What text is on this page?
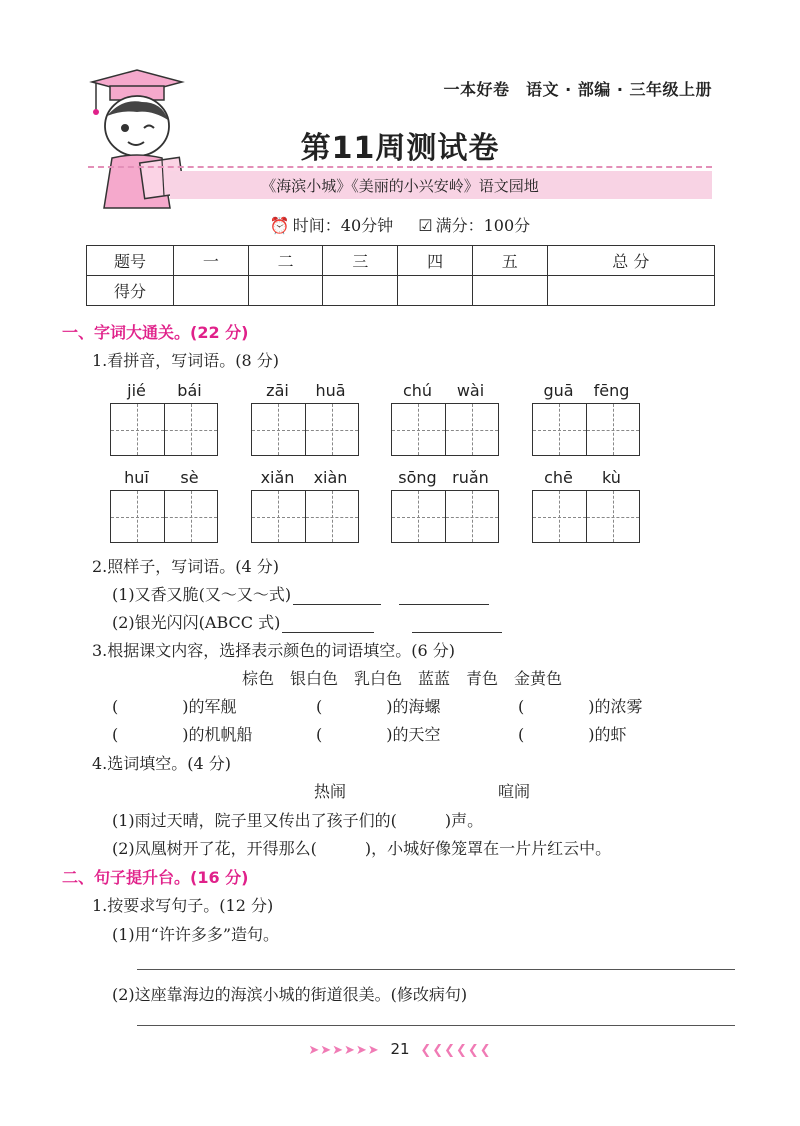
一本好卷　语文 · 部编 · 三年级上册
第11周测试卷
《海滨小城》《美丽的小兴安岭》语文园地
⏰ 时间：40分钟 ☑ 满分：100分
题号	一	二	三	四	五	总 分
得分						
一、字词大通关。(22 分)
1.看拼音，写词语。(8 分)
jié	bái	zāi	huā	chú	wài	guā	fēng
huī	sè	xiǎn	xiàn	sōng ruǎn	chē	kù
2.照样子，写词语。(4 分)
(1)又香又脆(又～又～式)
(2)银光闪闪(ABCC 式)
3.根据课文内容，选择表示颜色的词语填空。(6 分)
棕色　银白色　乳白色　蓝蓝　青色　金黄色
(　　　　)的军舰	(　　　　)的海螺	(　　　　)的浓雾
(　　　　)的机帆船	(　　　　)的天空	(　　　　)的虾
4.选词填空。(4 分)
热闹	喧闹
(1)雨过天晴，院子里又传出了孩子们的(　　　)声。
(2)凤凰树开了花，开得那么(　　　)，小城好像笼罩在一片片红云中。
二、句子提升台。(16 分)
1.按要求写句子。(12 分)
(1)用“许许多多”造句。
(2)这座靠海边的海滨小城的街道很美。(修改病句)
➤➤➤➤➤➤ 21 ❮❮❮❮❮❮
